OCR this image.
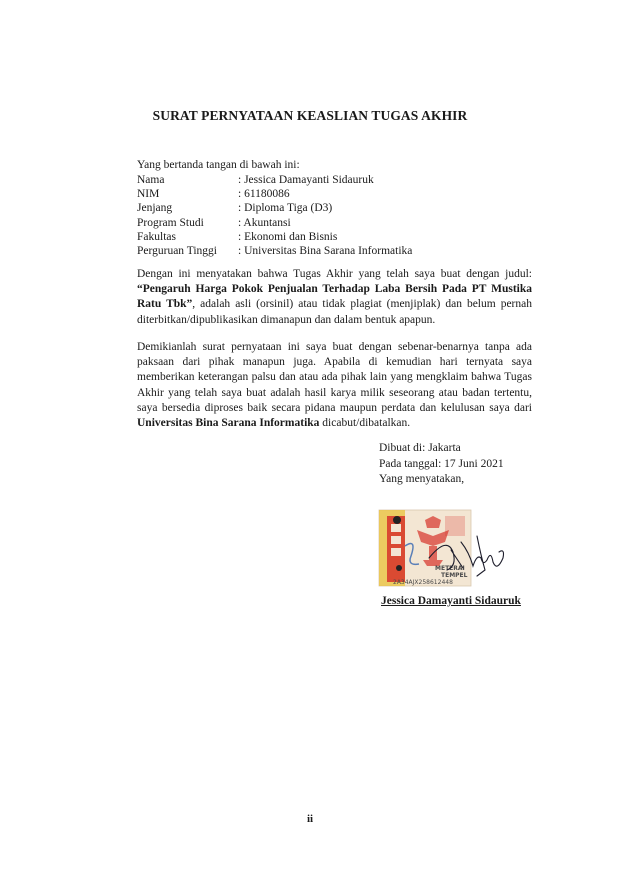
SURAT PERNYATAAN KEASLIAN TUGAS AKHIR
Yang bertanda tangan di bawah ini:
Nama	: Jessica Damayanti Sidauruk
NIM	: 61180086
Jenjang	: Diploma Tiga (D3)
Program Studi	: Akuntansi
Fakultas	: Ekonomi dan Bisnis
Perguruan Tinggi	: Universitas Bina Sarana Informatika

Dengan ini menyatakan bahwa Tugas Akhir yang telah saya buat dengan judul: “Pengaruh Harga Pokok Penjualan Terhadap Laba Bersih Pada PT Mustika Ratu Tbk”, adalah asli (orsinil) atau tidak plagiat (menjiplak) dan belum pernah diterbitkan/dipublikasikan dimanapun dan dalam bentuk apapun.

Demikianlah surat pernyataan ini saya buat dengan sebenar-benarnya tanpa ada paksaan dari pihak manapun juga. Apabila di kemudian hari ternyata saya memberikan keterangan palsu dan atau ada pihak lain yang mengklaim bahwa Tugas Akhir yang telah saya buat adalah hasil karya milik seseorang atau badan tertentu, saya bersedia diproses baik secara pidana maupun perdata dan kelulusan saya dari Universitas Bina Sarana Informatika dicabut/dibatalkan.

Dibuat di: Jakarta
Pada tanggal: 17 Juni 2021
Yang menyatakan,
METERAI
TEMPEL
2A34AJX258612448
Jessica Damayanti Sidauruk
ii
